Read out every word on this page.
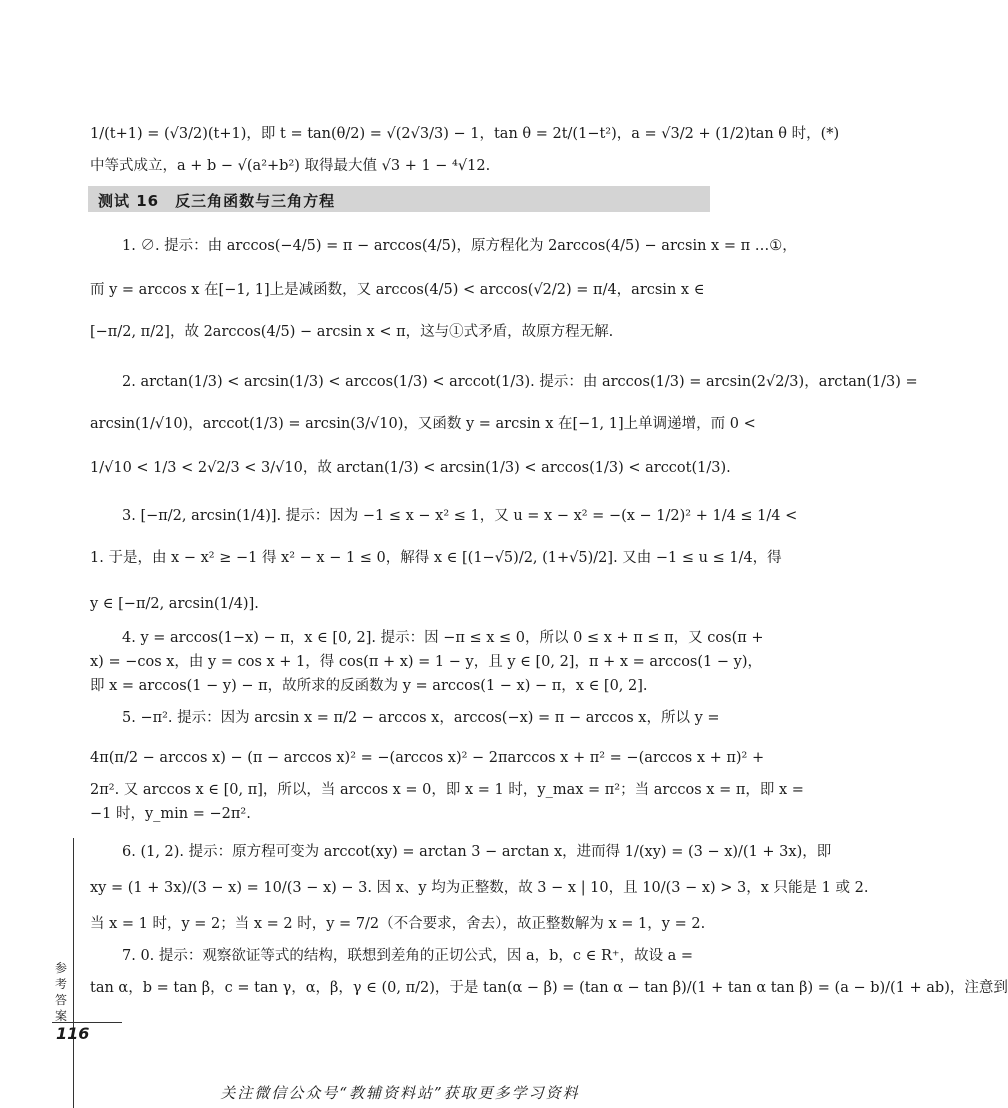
1/(t+1) = (√3/2)(t+1)，即 t = tan(θ/2) = √(2√3/3) − 1，tan θ = 2t/(1−t²)，a = √3/2 + (1/2)tan θ 时，(*)
中等式成立，a + b − √(a²+b²) 取得最大值 √3 + 1 − ⁴√12.
测试 16　反三角函数与三角方程
1. ∅. 提示：由 arccos(−4/5) = π − arccos(4/5)，原方程化为 2arccos(4/5) − arcsin x = π …①，
而 y = arccos x 在[−1, 1]上是减函数，又 arccos(4/5) < arccos(√2/2) = π/4，arcsin x ∈
[−π/2, π/2]，故 2arccos(4/5) − arcsin x < π，这与①式矛盾，故原方程无解.
2. arctan(1/3) < arcsin(1/3) < arccos(1/3) < arccot(1/3). 提示：由 arccos(1/3) = arcsin(2√2/3)，arctan(1/3) =
arcsin(1/√10)，arccot(1/3) = arcsin(3/√10)，又函数 y = arcsin x 在[−1, 1]上单调递增，而 0 <
1/√10 < 1/3 < 2√2/3 < 3/√10，故 arctan(1/3) < arcsin(1/3) < arccos(1/3) < arccot(1/3).
3. [−π/2, arcsin(1/4)]. 提示：因为 −1 ≤ x − x² ≤ 1，又 u = x − x² = −(x − 1/2)² + 1/4 ≤ 1/4 <
1. 于是，由 x − x² ≥ −1 得 x² − x − 1 ≤ 0，解得 x ∈ [(1−√5)/2, (1+√5)/2]. 又由 −1 ≤ u ≤ 1/4，得
y ∈ [−π/2, arcsin(1/4)].
4. y = arccos(1−x) − π，x ∈ [0, 2]. 提示：因 −π ≤ x ≤ 0，所以 0 ≤ x + π ≤ π，又 cos(π +
x) = −cos x，由 y = cos x + 1，得 cos(π + x) = 1 − y，且 y ∈ [0, 2]，π + x = arccos(1 − y)，
即 x = arccos(1 − y) − π，故所求的反函数为 y = arccos(1 − x) − π，x ∈ [0, 2].
5. −π². 提示：因为 arcsin x = π/2 − arccos x，arccos(−x) = π − arccos x，所以 y =
4π(π/2 − arccos x) − (π − arccos x)² = −(arccos x)² − 2πarccos x + π² = −(arccos x + π)² +
2π². 又 arccos x ∈ [0, π]，所以，当 arccos x = 0，即 x = 1 时，y_max = π²；当 arccos x = π，即 x =
−1 时，y_min = −2π².
6. (1, 2). 提示：原方程可变为 arccot(xy) = arctan 3 − arctan x，进而得 1/(xy) = (3 − x)/(1 + 3x)，即
xy = (1 + 3x)/(3 − x) = 10/(3 − x) − 3. 因 x、y 均为正整数，故 3 − x | 10，且 10/(3 − x) > 3，x 只能是 1 或 2.
当 x = 1 时，y = 2；当 x = 2 时，y = 7/2（不合要求，舍去），故正整数解为 x = 1，y = 2.
7. 0. 提示：观察欲证等式的结构，联想到差角的正切公式，因 a，b，c ∈ R⁺，故设 a =
tan α，b = tan β，c = tan γ，α，β，γ ∈ (0, π/2)，于是 tan(α − β) = (tan α − tan β)/(1 + tan α tan β) = (a − b)/(1 + ab)，注意到
参考答案
116
关注微信公众号“教辅资料站”获取更多学习资料
